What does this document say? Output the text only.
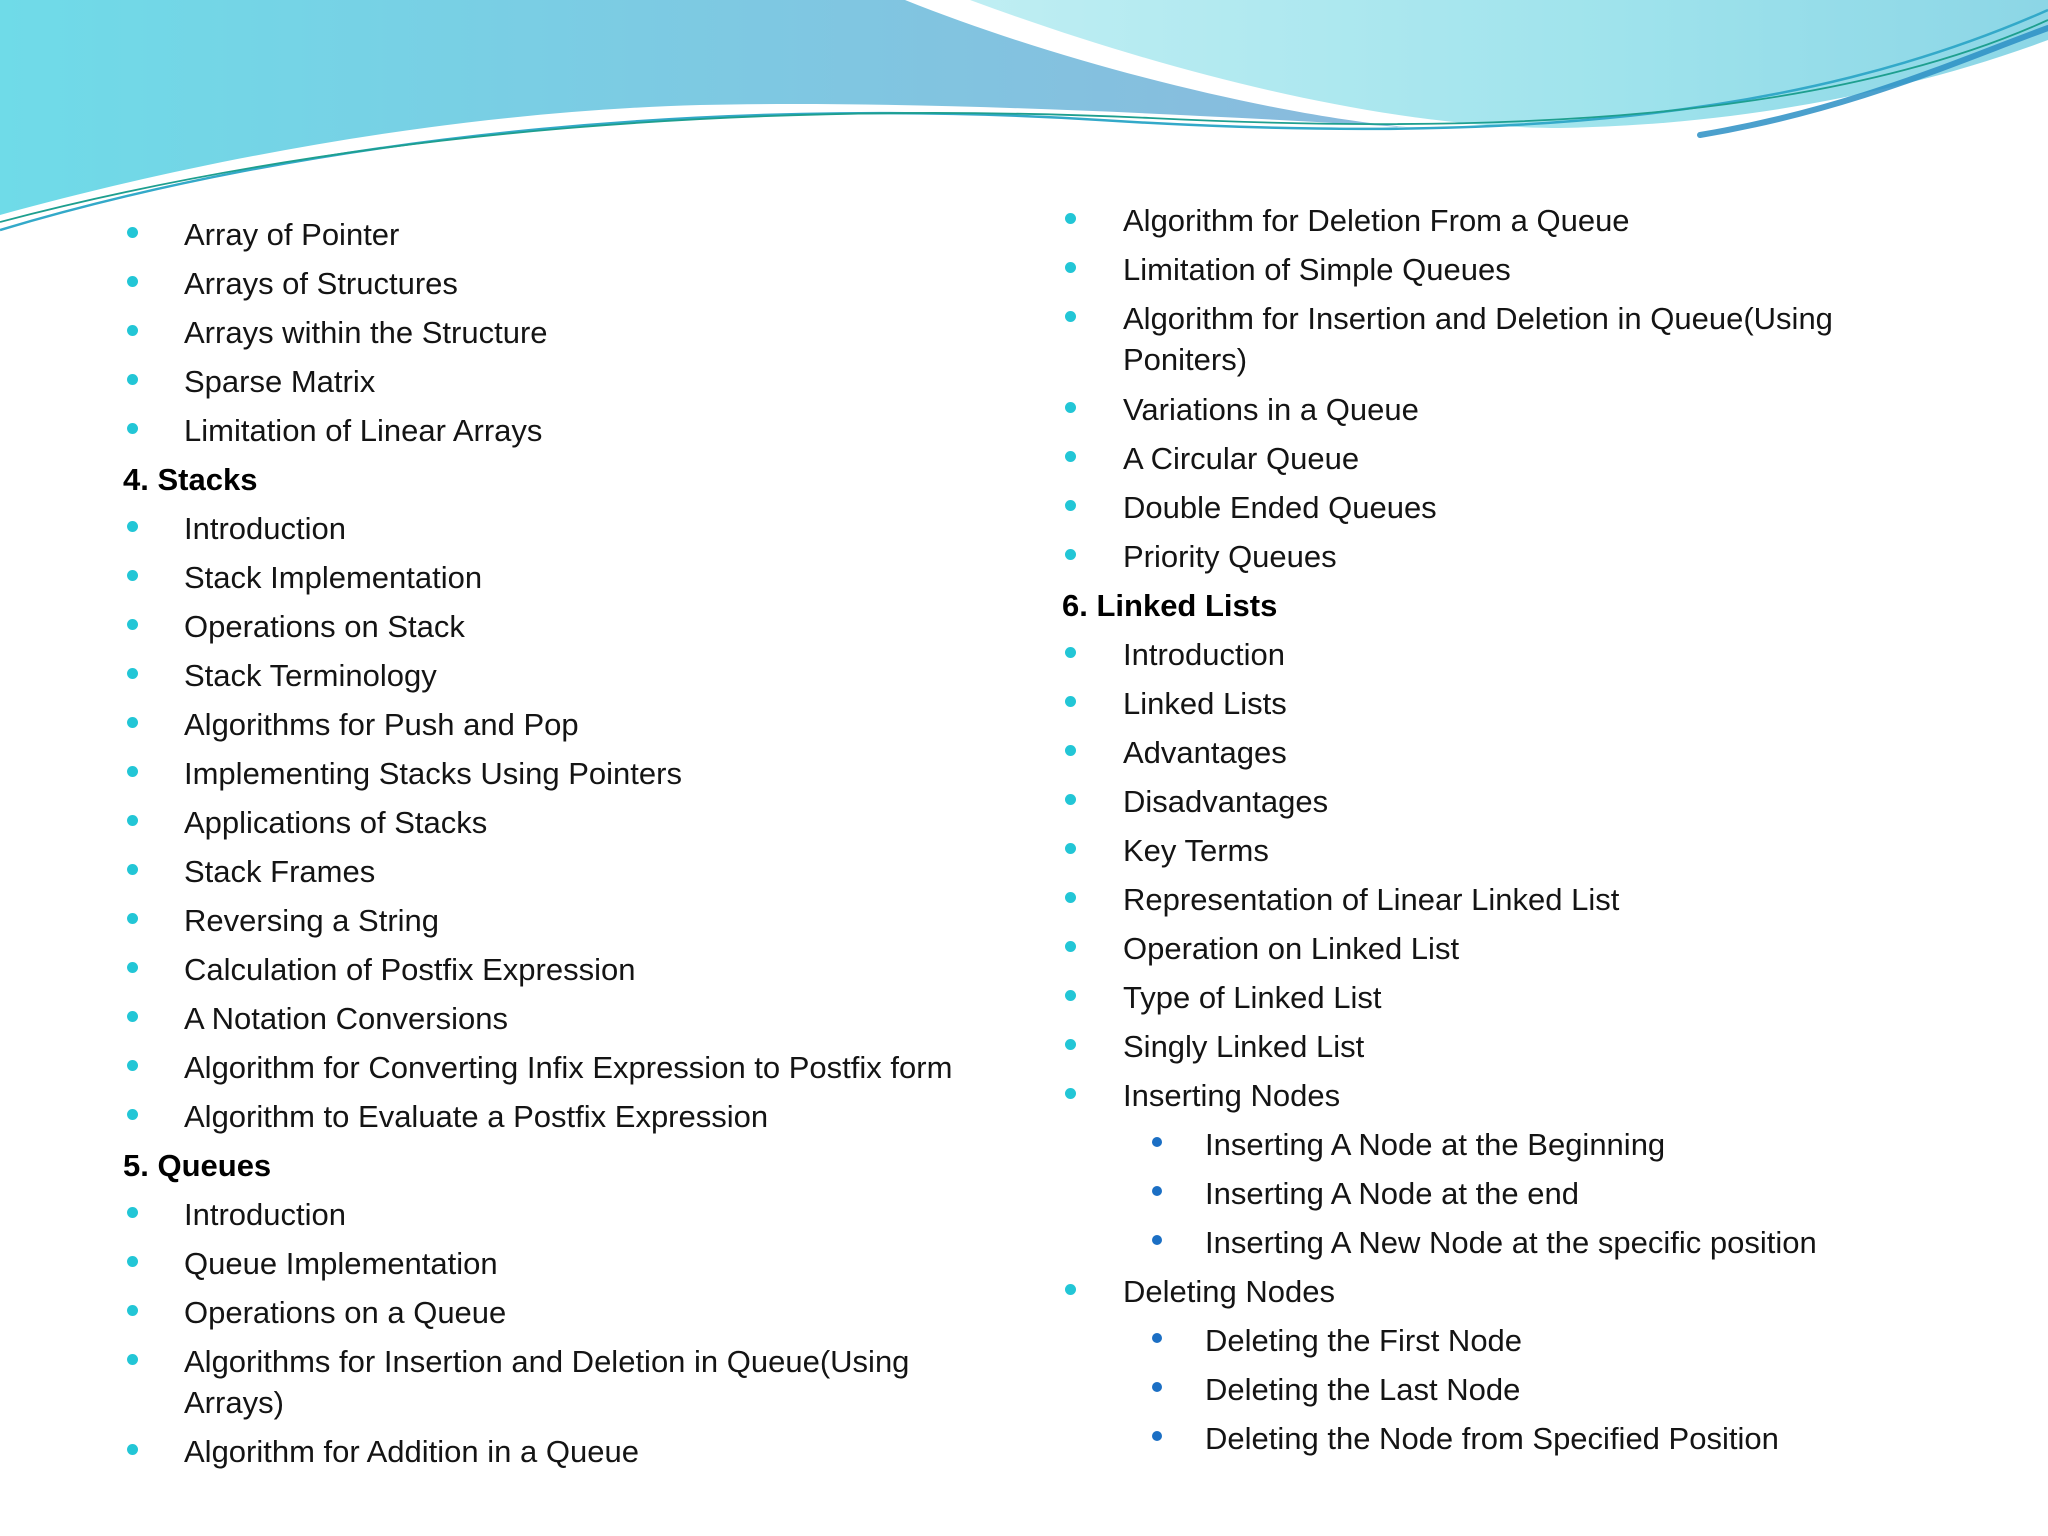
Array of Pointer
Arrays of Structures
Arrays within the Structure
Sparse Matrix
Limitation of Linear Arrays
4. Stacks
Introduction
Stack Implementation
Operations on Stack
Stack Terminology
Algorithms for Push and Pop
Implementing Stacks Using Pointers
Applications of Stacks
Stack Frames
Reversing a String
Calculation of Postfix Expression
A Notation Conversions
Algorithm for Converting Infix Expression to Postfix form
Algorithm to Evaluate a Postfix Expression
5. Queues
Introduction
Queue Implementation
Operations on a Queue
Algorithms for Insertion and Deletion in Queue(Using Arrays)
Algorithm for Addition in a Queue
Algorithm for Deletion From a Queue
Limitation of Simple Queues
Algorithm for Insertion and Deletion in Queue(Using Poniters)
Variations in a Queue
A Circular Queue
Double Ended Queues
Priority Queues
6. Linked Lists
Introduction
Linked Lists
Advantages
Disadvantages
Key Terms
Representation of Linear Linked List
Operation on Linked List
Type of Linked List
Singly Linked List
Inserting Nodes
Inserting A Node at the Beginning
Inserting A Node at the end
Inserting A New Node at the specific position
Deleting Nodes
Deleting the First Node
Deleting the Last Node
Deleting the Node from Specified Position
